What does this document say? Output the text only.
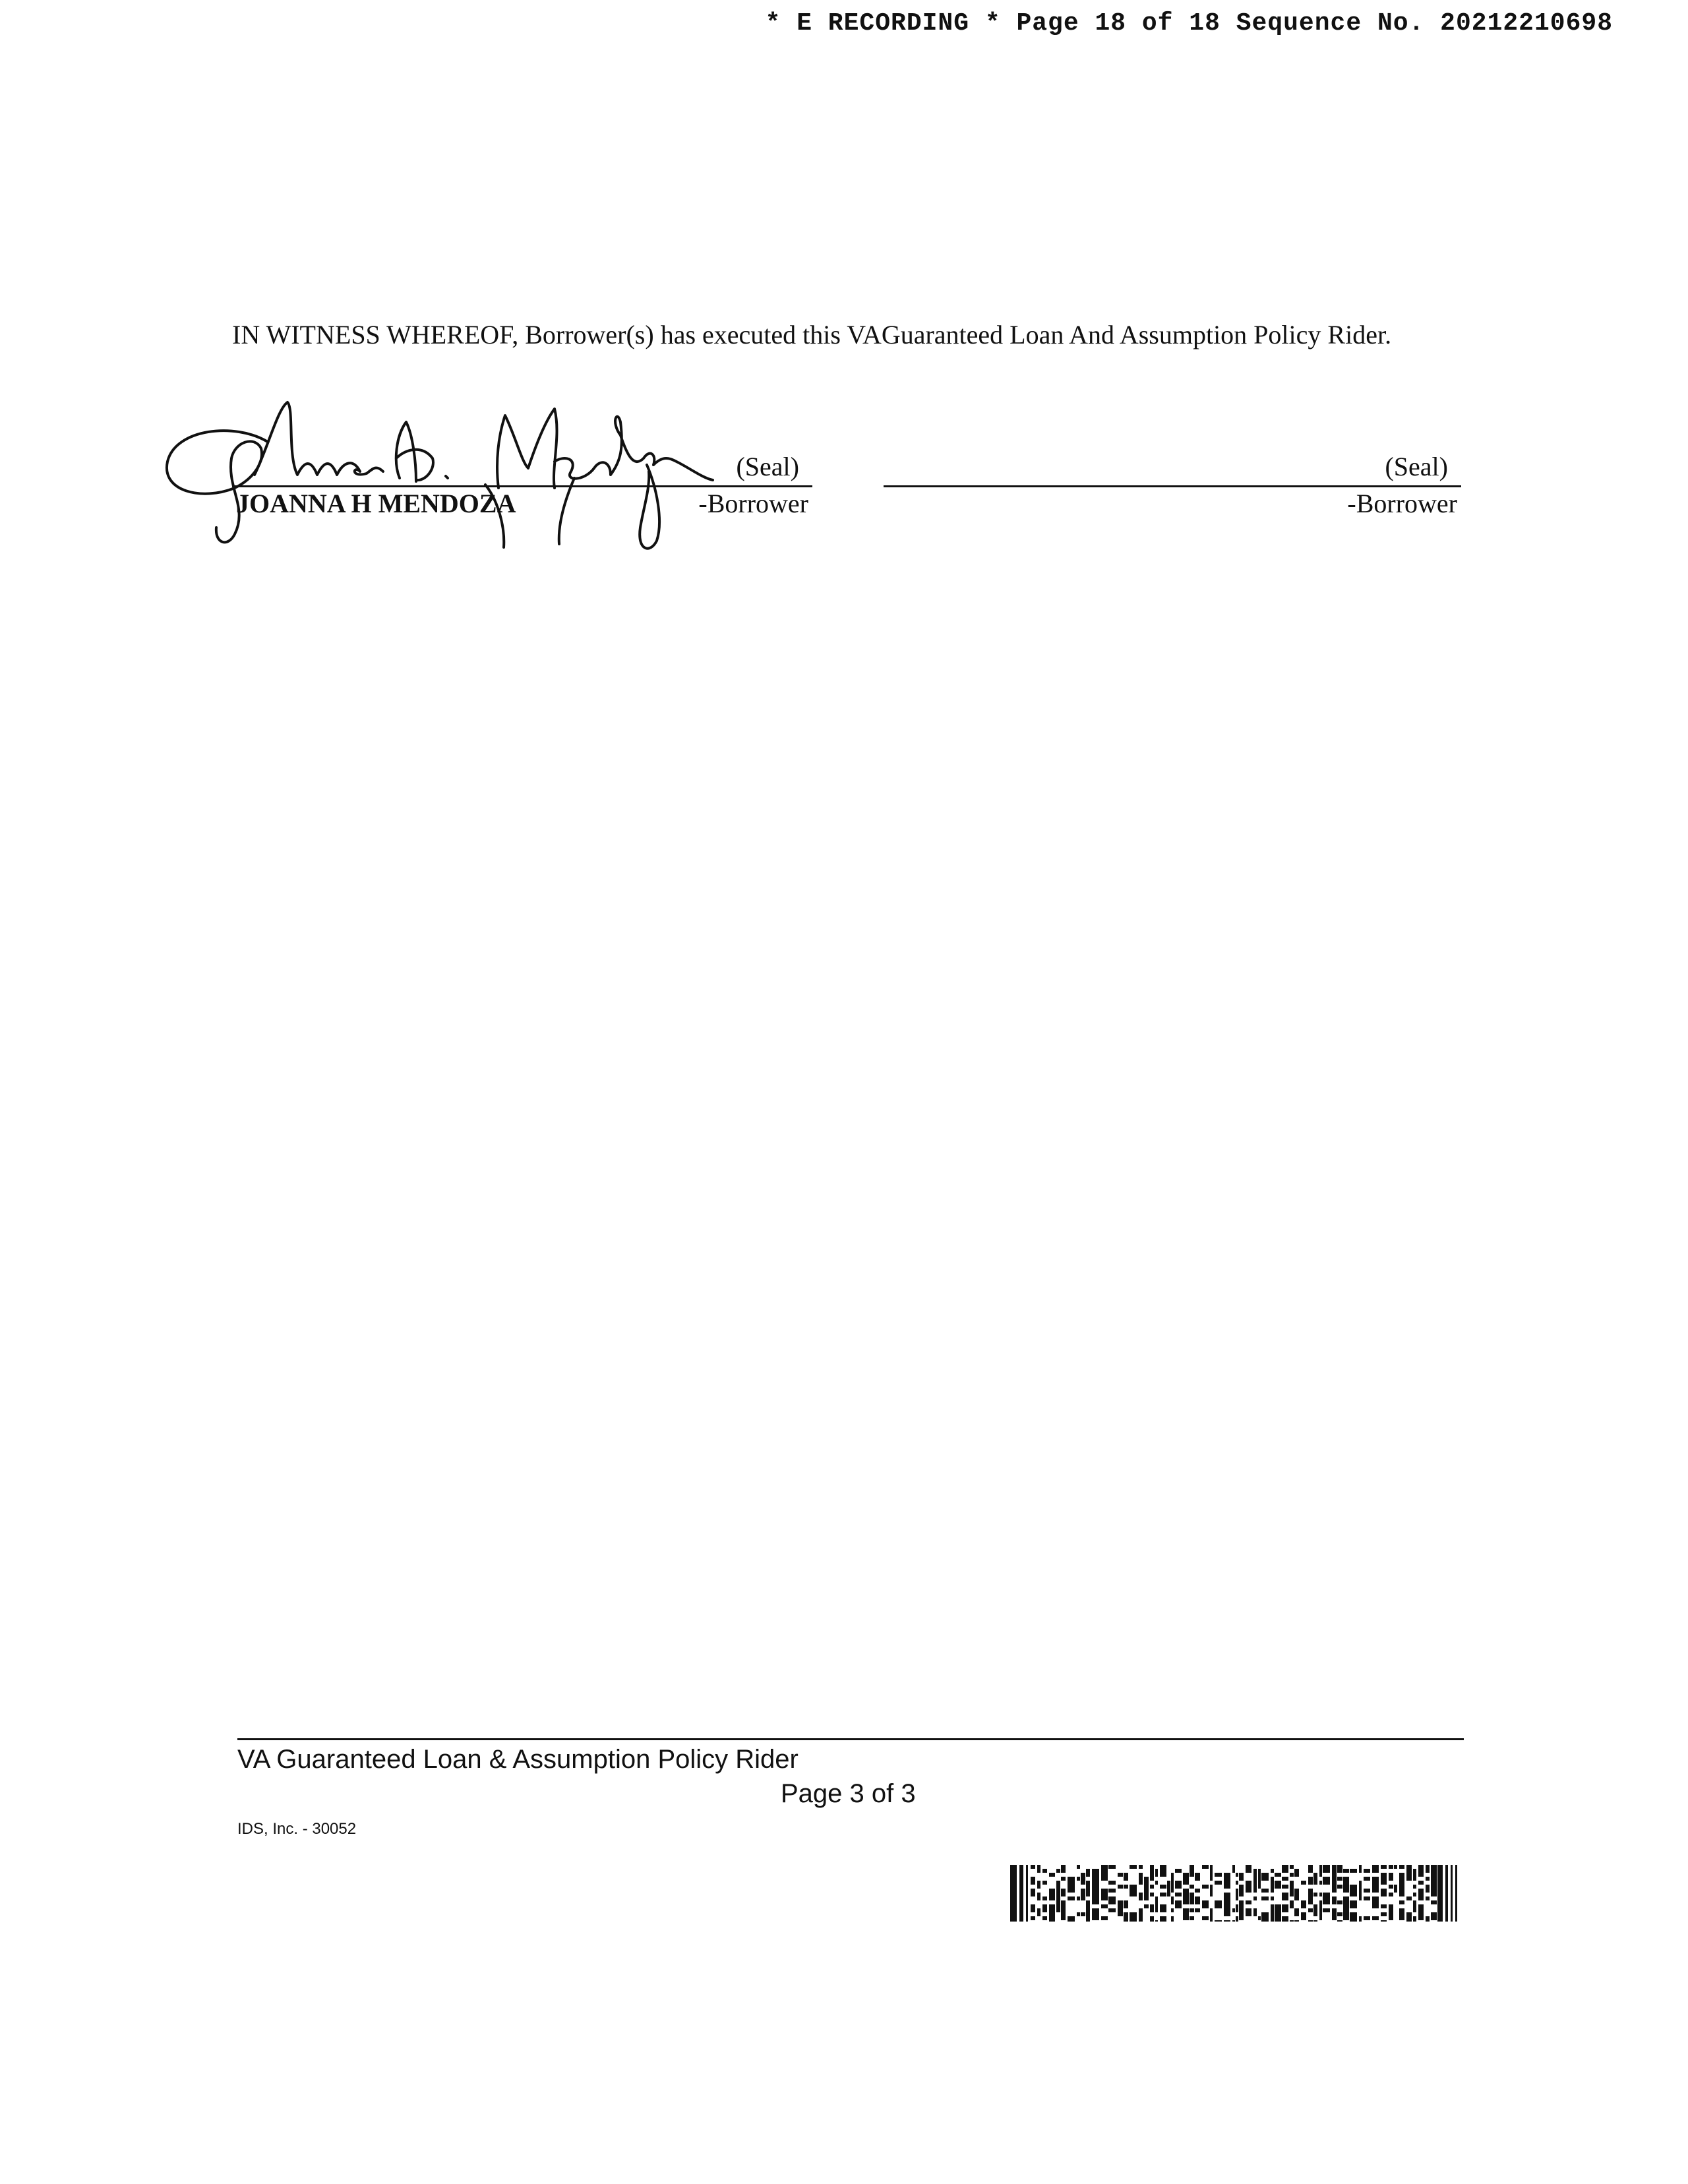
* E RECORDING * Page 18 of 18 Sequence No. 20212210698
IN WITNESS WHEREOF, Borrower(s) has executed this VAGuaranteed Loan And Assumption Policy Rider.
(Seal)
JOANNA H MENDOZA	-Borrower
(Seal)
-Borrower
VA Guaranteed Loan & Assumption Policy Rider
Page 3 of 3
IDS, Inc. - 30052
